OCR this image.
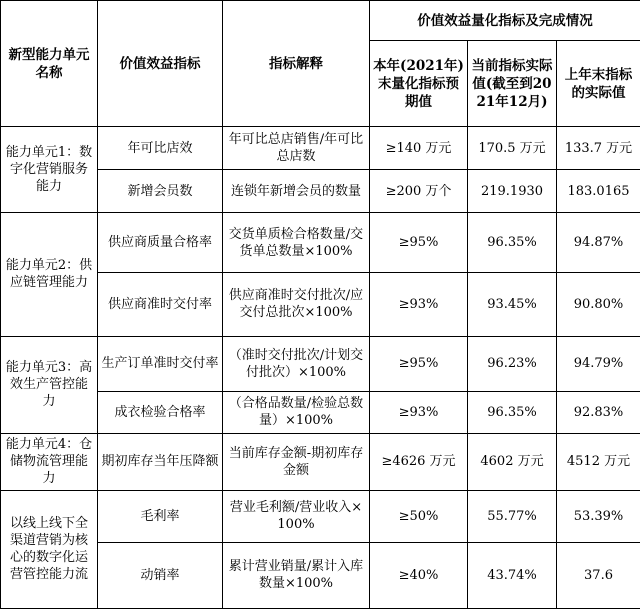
新型能力单元名称	价值效益指标	指标解释	价值效益量化指标及完成情况		
			本年(2021年)末量化指标预期值	当前指标实际值(截至到2021年12月)	上年末指标的实际值
能力单元1：数字化营销服务能力	年可比店效	年可比总店销售/年可比总店数	≥140 万元	170.5 万元	133.7 万元
	新增会员数	连锁年新增会员的数量	≥200 万个	219.1930	183.0165
能力单元2：供应链管理能力	供应商质量合格率	交货单质检合格数量/交货单总数量×100%	≥95%	96.35%	94.87%
	供应商准时交付率	供应商准时交付批次/应交付总批次×100%	≥93%	93.45%	90.80%
能力单元3：高效生产管控能力	生产订单准时交付率	（准时交付批次/计划交付批次）×100%	≥95%	96.23%	94.79%
	成衣检验合格率	（合格品数量/检验总数量）×100%	≥93%	96.35%	92.83%
能力单元4：仓储物流管理能力	期初库存当年压降额	当前库存金额-期初库存金额	≥4626 万元	4602 万元	4512 万元
以线上线下全渠道营销为核心的数字化运营管控能力流	毛利率	营业毛利额/营业收入×100%	≥50%	55.77%	53.39%
	动销率	累计营业销量/累计入库数量×100%	≥40%	43.74%	37.6
